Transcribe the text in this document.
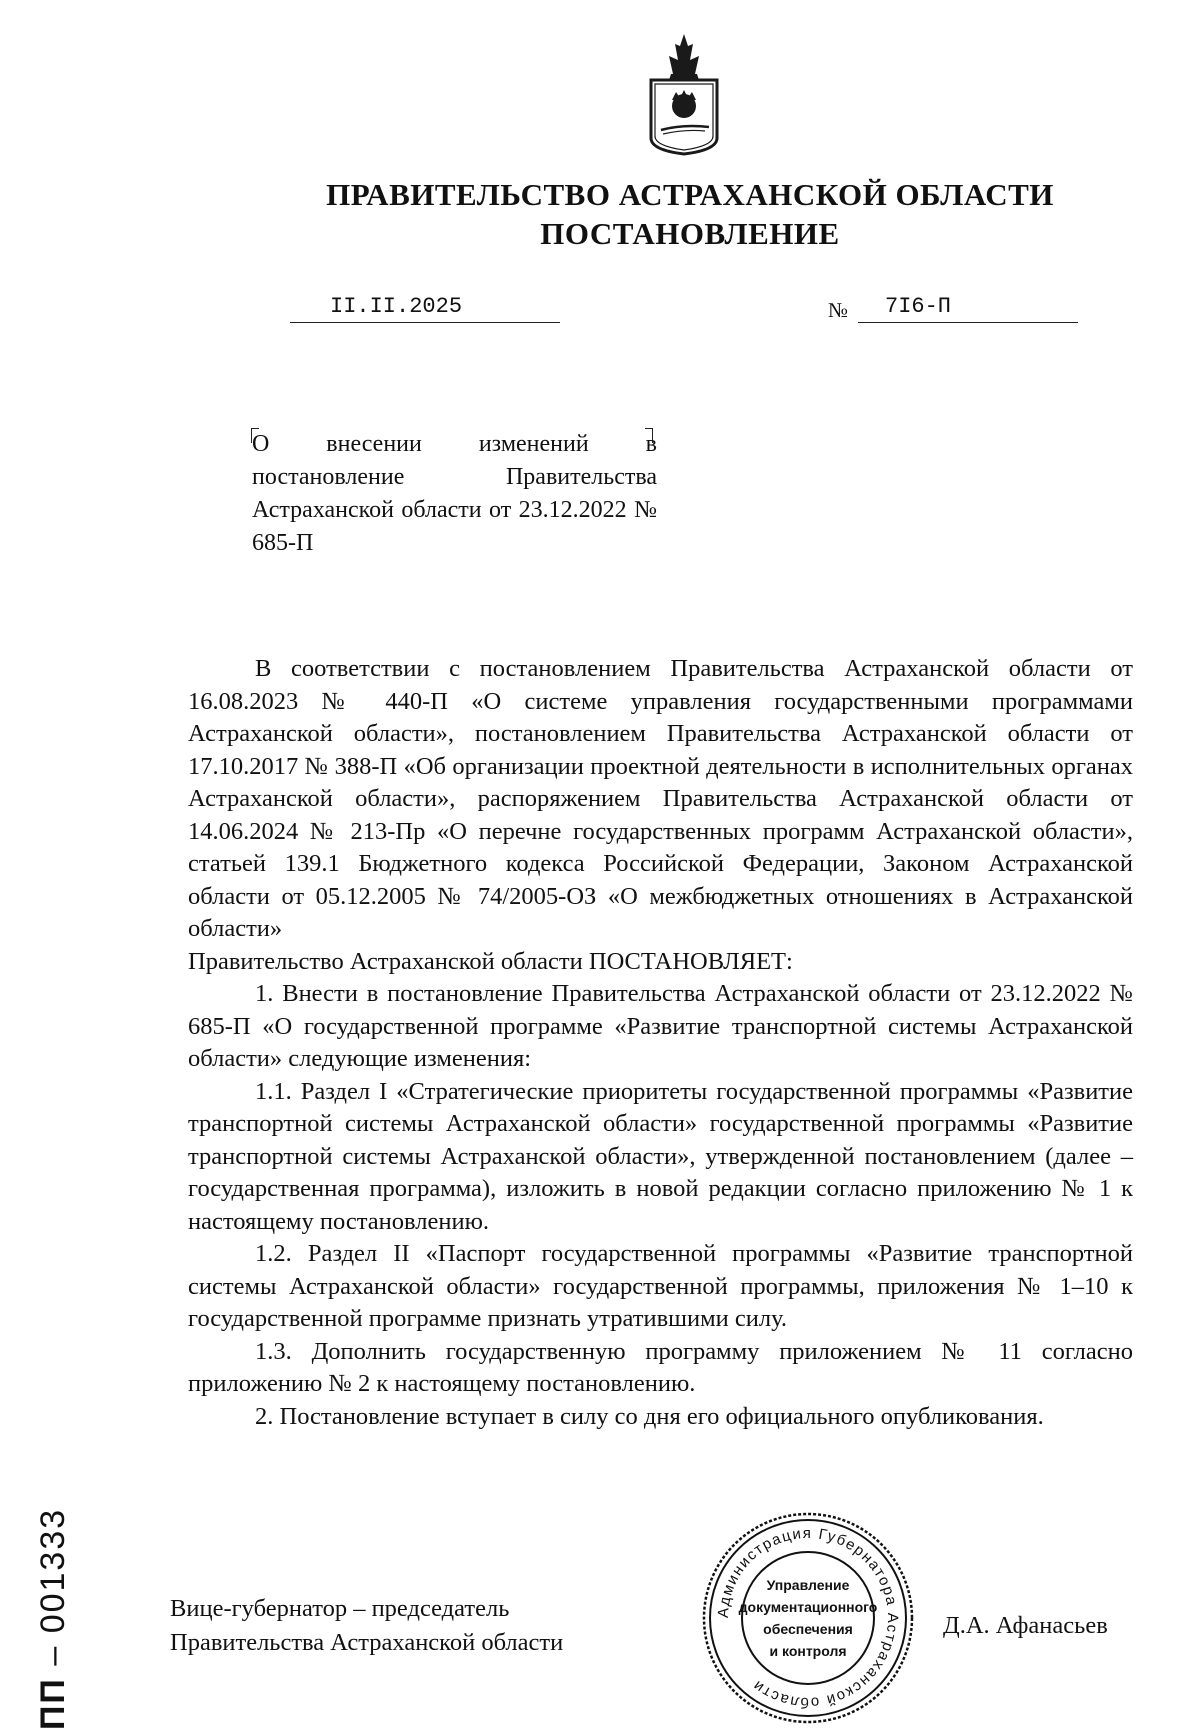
ПРАВИТЕЛЬСТВО АСТРАХАНСКОЙ ОБЛАСТИ
ПОСТАНОВЛЕНИЕ
II.II.2025	№ 7I6-П
О внесении изменений в постановление Правительства Астраханской области от 23.12.2022 № 685-П

В соответствии с постановлением Правительства Астраханской области от 16.08.2023 № 440-П «О системе управления государственными программами Астраханской области», постановлением Правительства Астраханской области от 17.10.2017 № 388-П «Об организации проектной деятельности в исполнительных органах Астраханской области», распоряжением Правительства Астраханской области от 14.06.2024 № 213-Пр «О перечне государственных программ Астраханской области», статьей 139.1 Бюджетного кодекса Российской Федерации, Законом Астраханской области от 05.12.2005 № 74/2005-ОЗ «О межбюджетных отношениях в Астраханской области»

Правительство Астраханской области ПОСТАНОВЛЯЕТ:

1. Внести в постановление Правительства Астраханской области от 23.12.2022 № 685-П «О государственной программе «Развитие транспортной системы Астраханской области» следующие изменения:

1.1. Раздел I «Стратегические приоритеты государственной программы «Развитие транспортной системы Астраханской области» государственной программы «Развитие транспортной системы Астраханской области», утвержденной постановлением (далее – государственная программа), изложить в новой редакции согласно приложению № 1 к настоящему постановлению.

1.2. Раздел II «Паспорт государственной программы «Развитие транспортной системы Астраханской области» государственной программы, приложения № 1–10 к государственной программе признать утратившими силу.

1.3. Дополнить государственную программу приложением № 11 согласно приложению № 2 к настоящему постановлению.

2. Постановление вступает в силу со дня его официального опубликования.

Вице-губернатор – председатель
Правительства Астраханской области
Д.А. Афанасьев
Администрация Губернатора Астраханской области
Управление
документационного
обеспечения
и контроля
ПП – 001333
